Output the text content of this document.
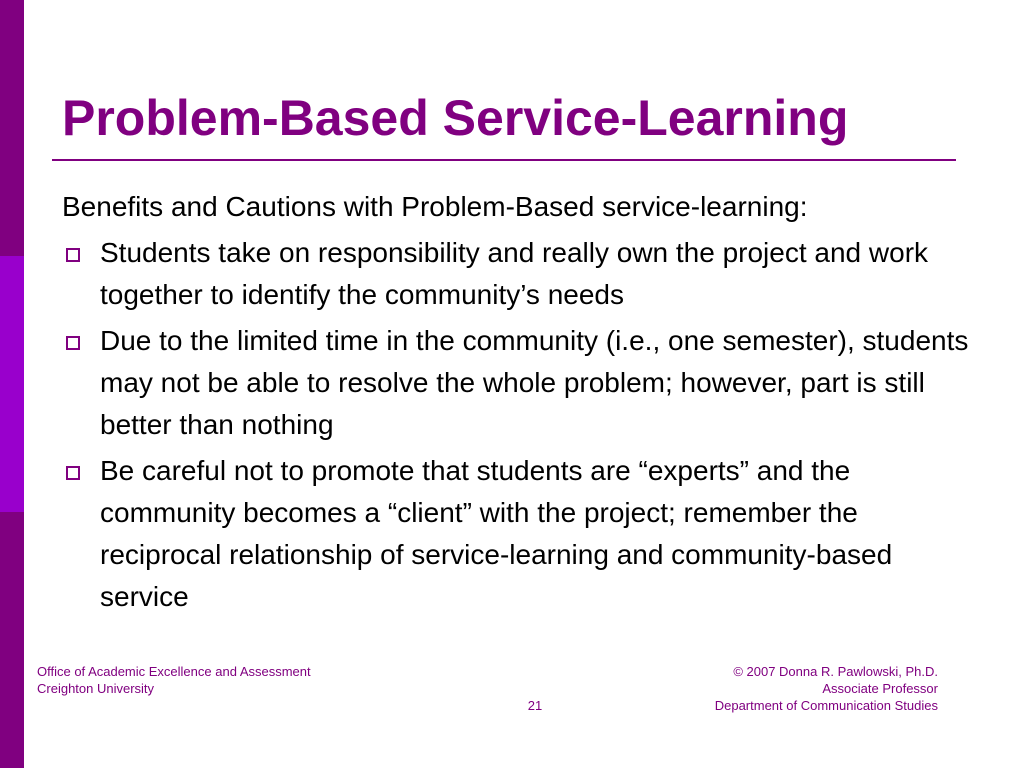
Problem-Based Service-Learning

Benefits and Cautions with Problem-Based service-learning:

Students take on responsibility and really own the project and work together to identify the community’s needs
Due to the limited time in the community (i.e., one semester), students may not be able to resolve the whole problem; however, part is still better than nothing
Be careful not to promote that students are “experts” and the community becomes a “client” with the project; remember the reciprocal relationship of service-learning and community-based service
Office of Academic Excellence and Assessment
Creighton University
21
© 2007 Donna R. Pawlowski, Ph.D.
Associate Professor
Department of Communication Studies
